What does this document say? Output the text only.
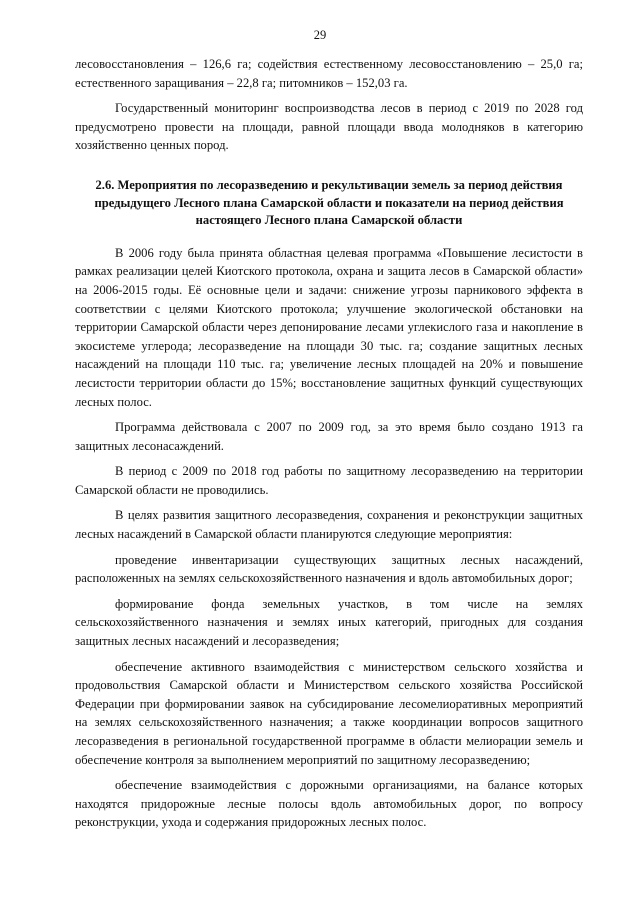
29

лесовосстановления – 126,6 га; содействия естественному лесовосстановлению – 25,0 га; естественного заращивания – 22,8 га; питомников – 152,03 га.

Государственный мониторинг воспроизводства лесов в период с 2019 по 2028 год предусмотрено провести на площади, равной площади ввода молодняков в категорию хозяйственно ценных пород.

2.6. Мероприятия по лесоразведению и рекультивации земель за период действия предыдущего Лесного плана Самарской области и показатели на период действия настоящего Лесного плана Самарской области

В 2006 году была принята областная целевая программа «Повышение лесистости в рамках реализации целей Киотского протокола, охрана и защита лесов в Самарской области» на 2006-2015 годы. Её основные цели и задачи: снижение угрозы парникового эффекта в соответствии с целями Киотского протокола; улучшение экологической обстановки на территории Самарской области через депонирование лесами углекислого газа и накопление в экосистеме углерода; лесоразведение на площади 30 тыс. га; создание защитных лесных насаждений на площади 110 тыс. га; увеличение лесных площадей на 20% и повышение лесистости территории области до 15%; восстановление защитных функций существующих лесных полос.

Программа действовала с 2007 по 2009 год, за это время было создано 1913 га защитных лесонасаждений.

В период с 2009 по 2018 год работы по защитному лесоразведению на территории Самарской области не проводились.

В целях развития защитного лесоразведения, сохранения и реконструкции защитных лесных насаждений в Самарской области планируются следующие мероприятия:

проведение инвентаризации существующих защитных лесных насаждений, расположенных на землях сельскохозяйственного назначения и вдоль автомобильных дорог;

формирование фонда земельных участков, в том числе на землях сельскохозяйственного назначения и землях иных категорий, пригодных для создания защитных лесных насаждений и лесоразведения;

обеспечение активного взаимодействия с министерством сельского хозяйства и продовольствия Самарской области и Министерством сельского хозяйства Российской Федерации при формировании заявок на субсидирование лесомелиоративных мероприятий на землях сельскохозяйственного назначения; а также координации вопросов защитного лесоразведения в региональной государственной программе в области мелиорации земель и обеспечение контроля за выполнением мероприятий по защитному лесоразведению;

обеспечение взаимодействия с дорожными организациями, на балансе которых находятся придорожные лесные полосы вдоль автомобильных дорог, по вопросу реконструкции, ухода и содержания придорожных лесных полос.
